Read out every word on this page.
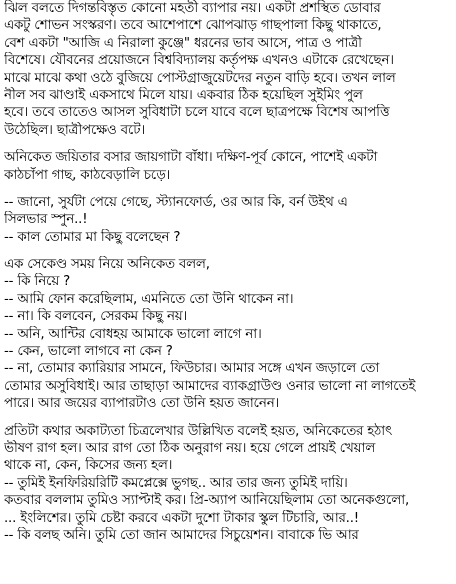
ঝিল বলতে দিগন্তবিস্তৃত কোনো মহতী ব্যাপার নয়। একটা প্রশস্থিত ডোবার
একটু শোভন সংস্করণ। তবে আশেপাশে ঝোপঝাড় গাছপালা কিছু থাকাতে,
বেশ একটা "আজি এ নিরালা কুঞ্জে" ধরনের ভাব আসে, পাত্র ও পাত্রী
বিশেষে। যৌবনের প্রয়োজনে বিশ্ববিদ্যালয় কর্তৃপক্ষ এখনও এটাকে রেখেছেন।
মাঝে মাঝে কথা ওঠে বুজিয়ে পোস্টগ্রাজুয়েটদের নতুন বাড়ি হবে। তখন লাল
নীল সব ঝাণ্ডাই একসাথে মিলে যায়। একবার ঠিক হয়েছিল সুইমিং পুল
হবে। তবে তাতেও আসল সুবিধাটা চলে যাবে বলে ছাত্রপক্ষে বিশেষ আপত্তি
উঠেছিল। ছাত্রীপক্ষেও বটে।
অনিকেত জয়িতার বসার জায়গাটা বাঁধা। দক্ষিণ-পূর্ব কোনে, পাশেই একটা
কাঠচাঁপা গাছ, কাঠবেড়ালি চড়ে।
-- জানো, সুর্যটা পেয়ে গেছে, স্ট্যানফোর্ড, ওর আর কি, বর্ন উইথ এ
সিলভার স্পুন..!
-- কাল তোমার মা কিছু বলেছেন ?
এক সেকেণ্ড সময় নিয়ে অনিকেত বলল,
-- কি নিয়ে ?
-- আমি ফোন করেছিলাম, এমনিতে তো উনি থাকেন না।
-- না। কি বলবেন, সেরকম কিছু নয়।
-- অনি, আন্টির বোধহয় আমাকে ভালো লাগে না।
-- কেন, ভালো লাগবে না কেন ?
-- না, তোমার ক্যারিয়ার সামনে, ফিউচার। আমার সঙ্গে এখন জড়ালে তো
তোমার অসুবিধাই। আর তাছাড়া আমাদের ব্যাকগ্রাউণ্ড ওনার ভালো না লাগতেই
পারে। আর জয়ের ব্যাপারটাও তো উনি হয়ত জানেন।
প্রতিটা কথার অকাট্যতা চিত্রলেখার উল্লিখিত বলেই হয়ত, অনিকেতের হঠাৎ
ভীষণ রাগ হল। আর রাগ তো ঠিক অনুরাগ নয়। হয়ে গেলে প্রায়ই খেয়াল
থাকে না, কেন, কিসের জন্য হল।
-- তুমিই ইনফিরিয়রিটি কমপ্লেক্সে ভুগছ.. আর তার জন্য তুমিই দায়ি।
কতবার বললাম তুমিও স্যাপ্টাই কর। প্রি-অ্যাপ আনিয়েছিলাম তো অনেকগুলো,
... ইংলিশের। তুমি চেষ্টা করবে একটা দুশো টাকার স্কুল টিচারি, আর..!
-- কি বলছ অনি। তুমি তো জান আমাদের সিচুয়েশন। বাবাকে ভি আর
